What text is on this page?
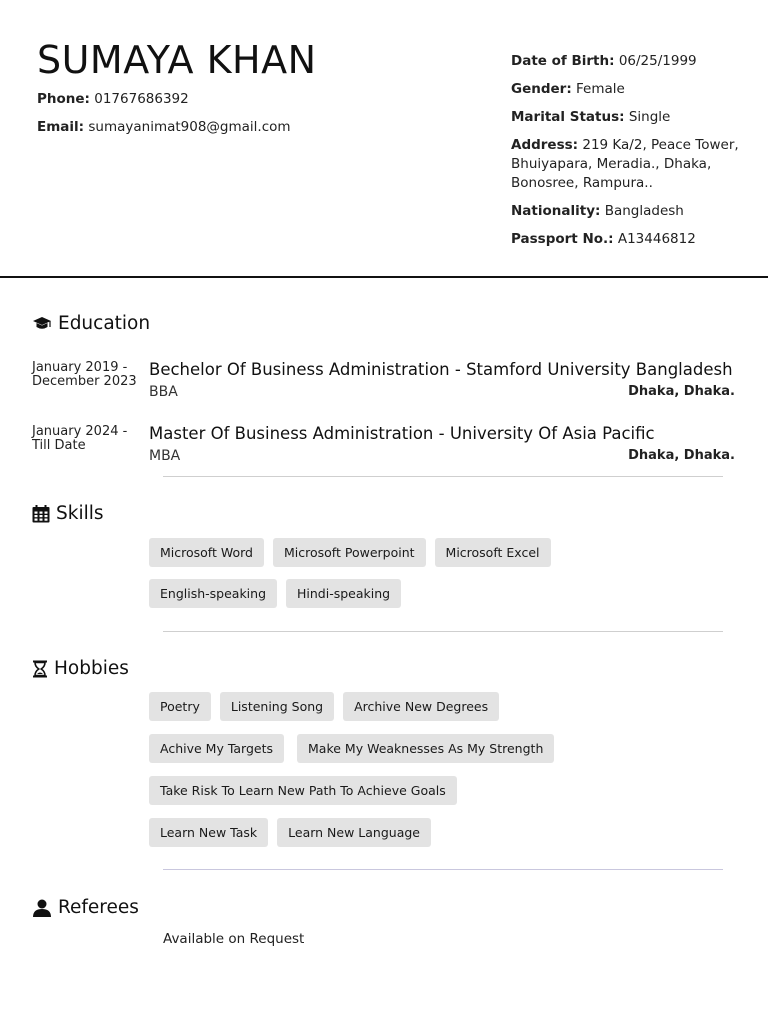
SUMAYA KHAN
Phone: 01767686392
Email: sumayanimat908@gmail.com
Date of Birth: 06/25/1999
Gender: Female
Marital Status: Single
Address: 219 Ka/2, Peace Tower, Bhuiyapara, Meradia., Dhaka, Bonosree, Rampura..
Nationality: Bangladesh
Passport No.: A13446812
Education
January 2019 -
December 2023
Bechelor Of Business Administration - Stamford University Bangladesh
BBA	Dhaka, Dhaka.
January 2024 -
Till Date
Master Of Business Administration - University Of Asia Pacific
MBA	Dhaka, Dhaka.
Skills
Microsoft Word	Microsoft Powerpoint	Microsoft Excel
English-speaking	Hindi-speaking
Hobbies
Poetry	Listening Song	Archive New Degrees
Achive My Targets	Make My Weaknesses As My Strength
Take Risk To Learn New Path To Achieve Goals
Learn New Task	Learn New Language
Referees
Available on Request
